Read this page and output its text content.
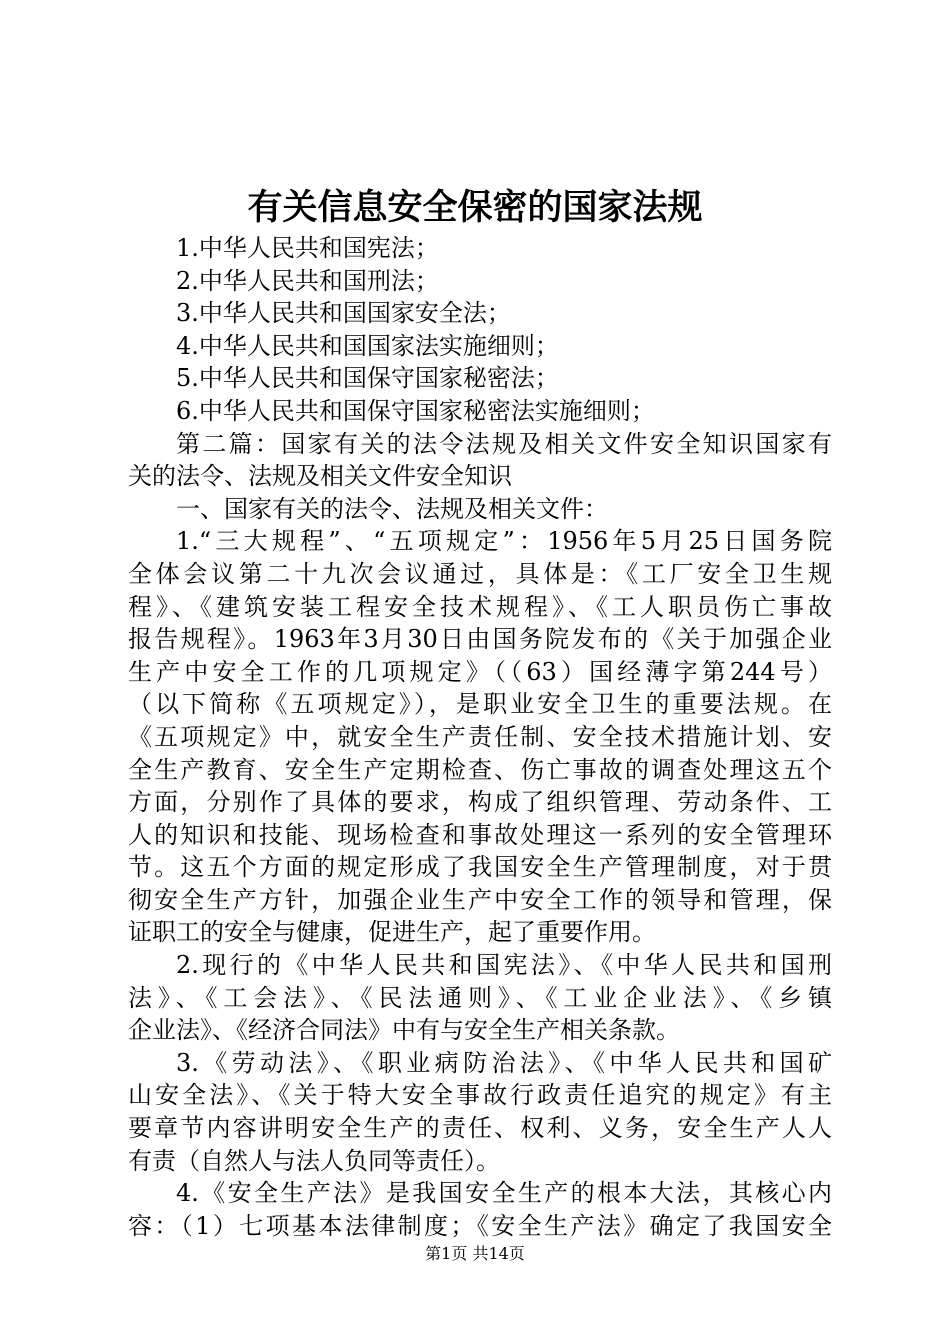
有关信息安全保密的国家法规

1.中华人民共和国宪法；

2.中华人民共和国刑法；

3.中华人民共和国国家安全法；

4.中华人民共和国国家法实施细则；

5.中华人民共和国保守国家秘密法；

6.中华人民共和国保守国家秘密法实施细则；

第二篇：国家有关的法令法规及相关文件安全知识国家有

关的法令、法规及相关文件安全知识

一、国家有关的法令、法规及相关文件：

1.“三大规程”、“五项规定”：1956年5月25日国务院

全体会议第二十九次会议通过，具体是：《工厂安全卫生规

程》、《建筑安装工程安全技术规程》、《工人职员伤亡事故

报告规程》。1963年3月30日由国务院发布的《关于加强企业

生产中安全工作的几项规定》（（63）国经薄字第244号）

（以下简称《五项规定》），是职业安全卫生的重要法规。在

《五项规定》中，就安全生产责任制、安全技术措施计划、安

全生产教育、安全生产定期检查、伤亡事故的调查处理这五个

方面，分别作了具体的要求，构成了组织管理、劳动条件、工

人的知识和技能、现场检查和事故处理这一系列的安全管理环

节。这五个方面的规定形成了我国安全生产管理制度，对于贯

彻安全生产方针，加强企业生产中安全工作的领导和管理，保

证职工的安全与健康，促进生产，起了重要作用。

2.现行的《中华人民共和国宪法》、《中华人民共和国刑

法》、《工会法》、《民法通则》、《工业企业法》、《乡镇

企业法》、《经济合同法》中有与安全生产相关条款。

3.《劳动法》、《职业病防治法》、《中华人民共和国矿

山安全法》、《关于特大安全事故行政责任追究的规定》有主

要章节内容讲明安全生产的责任、权利、义务，安全生产人人

有责（自然人与法人负同等责任）。

4.《安全生产法》是我国安全生产的根本大法，其核心内

容：（1）七项基本法律制度；《安全生产法》确定了我国安全

第1页 共14页
